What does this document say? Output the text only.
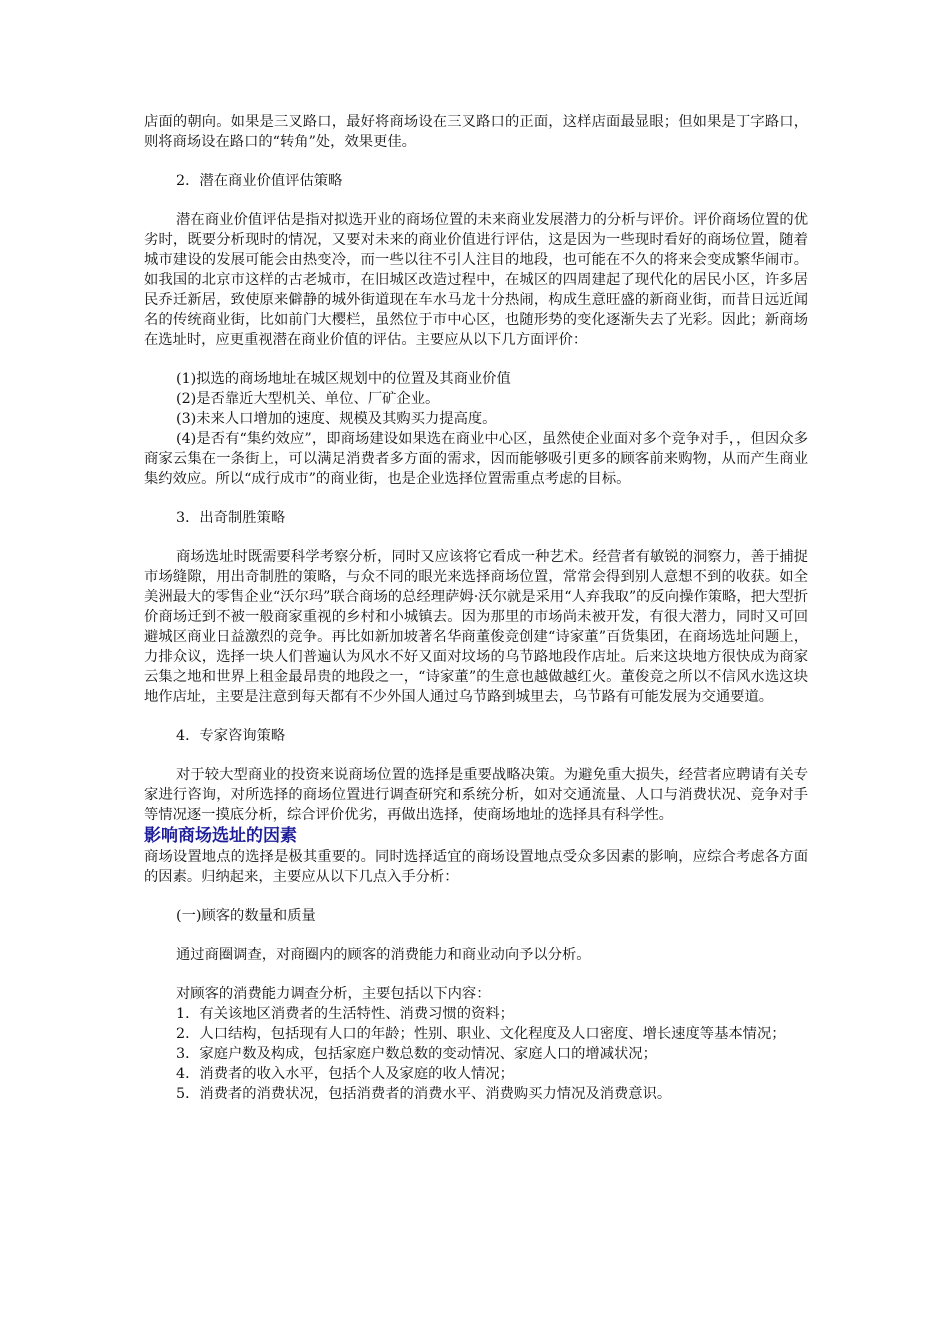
店面的朝向。如果是三叉路口，最好将商场设在三叉路口的正面，这样店面最显眼；但如果是丁字路口，则将商场设在路口的“转角”处，效果更佳。

2．潜在商业价值评估策略

潜在商业价值评估是指对拟选开业的商场位置的未来商业发展潜力的分析与评价。评价商场位置的优劣时，既要分析现时的情况，又要对未来的商业价值进行评估，这是因为一些现时看好的商场位置，随着城市建设的发展可能会由热变冷，而一些以往不引人注目的地段，也可能在不久的将来会变成繁华闹市。如我国的北京市这样的古老城市，在旧城区改造过程中，在城区的四周建起了现代化的居民小区，许多居民乔迁新居，致使原来僻静的城外街道现在车水马龙十分热闹，构成生意旺盛的新商业街，而昔日远近闻名的传统商业街，比如前门大樱栏，虽然位于市中心区，也随形势的变化逐渐失去了光彩。因此；新商场在选址时，应更重视潜在商业价值的评估。主要应从以下几方面评价：

(1)拟选的商场地址在城区规划中的位置及其商业价值

(2)是否靠近大型机关、单位、厂矿企业。

(3)未来人口增加的速度、规模及其购买力提高度。

(4)是否有“集约效应”，即商场建设如果选在商业中心区，虽然使企业面对多个竞争对手，，但因众多商家云集在一条街上，可以满足消费者多方面的需求，因而能够吸引更多的顾客前来购物，从而产生商业集约效应。所以“成行成市”的商业街，也是企业选择位置需重点考虑的目标。

3．出奇制胜策略

商场选址时既需要科学考察分析，同时又应该将它看成一种艺术。经营者有敏锐的洞察力，善于捕捉市场缝隙，用出奇制胜的策略，与众不同的眼光来选择商场位置，常常会得到别人意想不到的收获。如全美洲最大的零售企业“沃尔玛”联合商场的总经理萨姆·沃尔就是采用“人弃我取”的反向操作策略，把大型折价商场迁到不被一般商家重视的乡村和小城镇去。因为那里的市场尚未被开发，有很大潜力，同时又可回避城区商业日益激烈的竞争。再比如新加坡著名华商董俊竞创建“诗家董”百货集团，在商场选址问题上，力排众议，选择一块人们普遍认为风水不好又面对坟场的乌节路地段作店址。后来这块地方很快成为商家云集之地和世界上租金最昂贵的地段之一，“诗家董”的生意也越做越红火。董俊竞之所以不信风水选这块地作店址，主要是注意到每天都有不少外国人通过乌节路到城里去，乌节路有可能发展为交通要道。

4．专家咨询策略

对于较大型商业的投资来说商场位置的选择是重要战略决策。为避免重大损失，经营者应聘请有关专家进行咨询，对所选择的商场位置进行调查研究和系统分析，如对交通流量、人口与消费状况、竞争对手等情况逐一摸底分析，综合评价优劣，再做出选择，使商场地址的选择具有科学性。

影响商场选址的因素

商场设置地点的选择是极其重要的。同时选择适宜的商场设置地点受众多因素的影响，应综合考虑各方面的因素。归纳起来，主要应从以下几点入手分析：

(一)顾客的数量和质量

通过商圈调查，对商圈内的顾客的消费能力和商业动向予以分析。

对顾客的消费能力调查分析，主要包括以下内容：

1．有关该地区消费者的生活特性、消费习惯的资料；

2．人口结构，包括现有人口的年龄；性别、职业、文化程度及人口密度、增长速度等基本情况；

3．家庭户数及构成，包括家庭户数总数的变动情况、家庭人口的增减状况；

4．消费者的收入水平，包括个人及家庭的收人情况；

5．消费者的消费状况，包括消费者的消费水平、消费购买力情况及消费意识。
